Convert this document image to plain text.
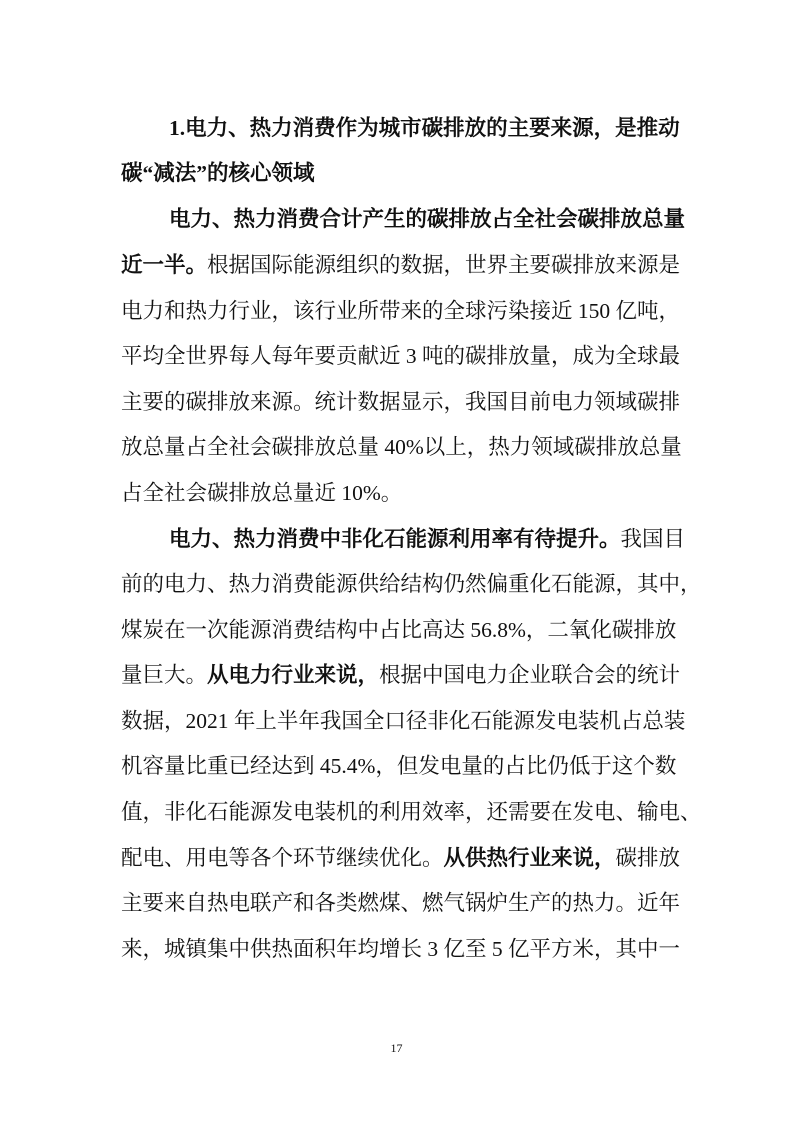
1.电力、热力消费作为城市碳排放的主要来源，是推动
碳“减法”的核心领域
电力、热力消费合计产生的碳排放占全社会碳排放总量
近一半。根据国际能源组织的数据，世界主要碳排放来源是
电力和热力行业，该行业所带来的全球污染接近 150 亿吨，
平均全世界每人每年要贡献近 3 吨的碳排放量，成为全球最
主要的碳排放来源。统计数据显示，我国目前电力领域碳排
放总量占全社会碳排放总量 40%以上，热力领域碳排放总量
占全社会碳排放总量近 10%。
电力、热力消费中非化石能源利用率有待提升。我国目
前的电力、热力消费能源供给结构仍然偏重化石能源，其中，
煤炭在一次能源消费结构中占比高达 56.8%，二氧化碳排放
量巨大。从电力行业来说，根据中国电力企业联合会的统计
数据，2021 年上半年我国全口径非化石能源发电装机占总装
机容量比重已经达到 45.4%，但发电量的占比仍低于这个数
值，非化石能源发电装机的利用效率，还需要在发电、输电、
配电、用电等各个环节继续优化。从供热行业来说，碳排放
主要来自热电联产和各类燃煤、燃气锅炉生产的热力。近年
来，城镇集中供热面积年均增长 3 亿至 5 亿平方米，其中一
17
